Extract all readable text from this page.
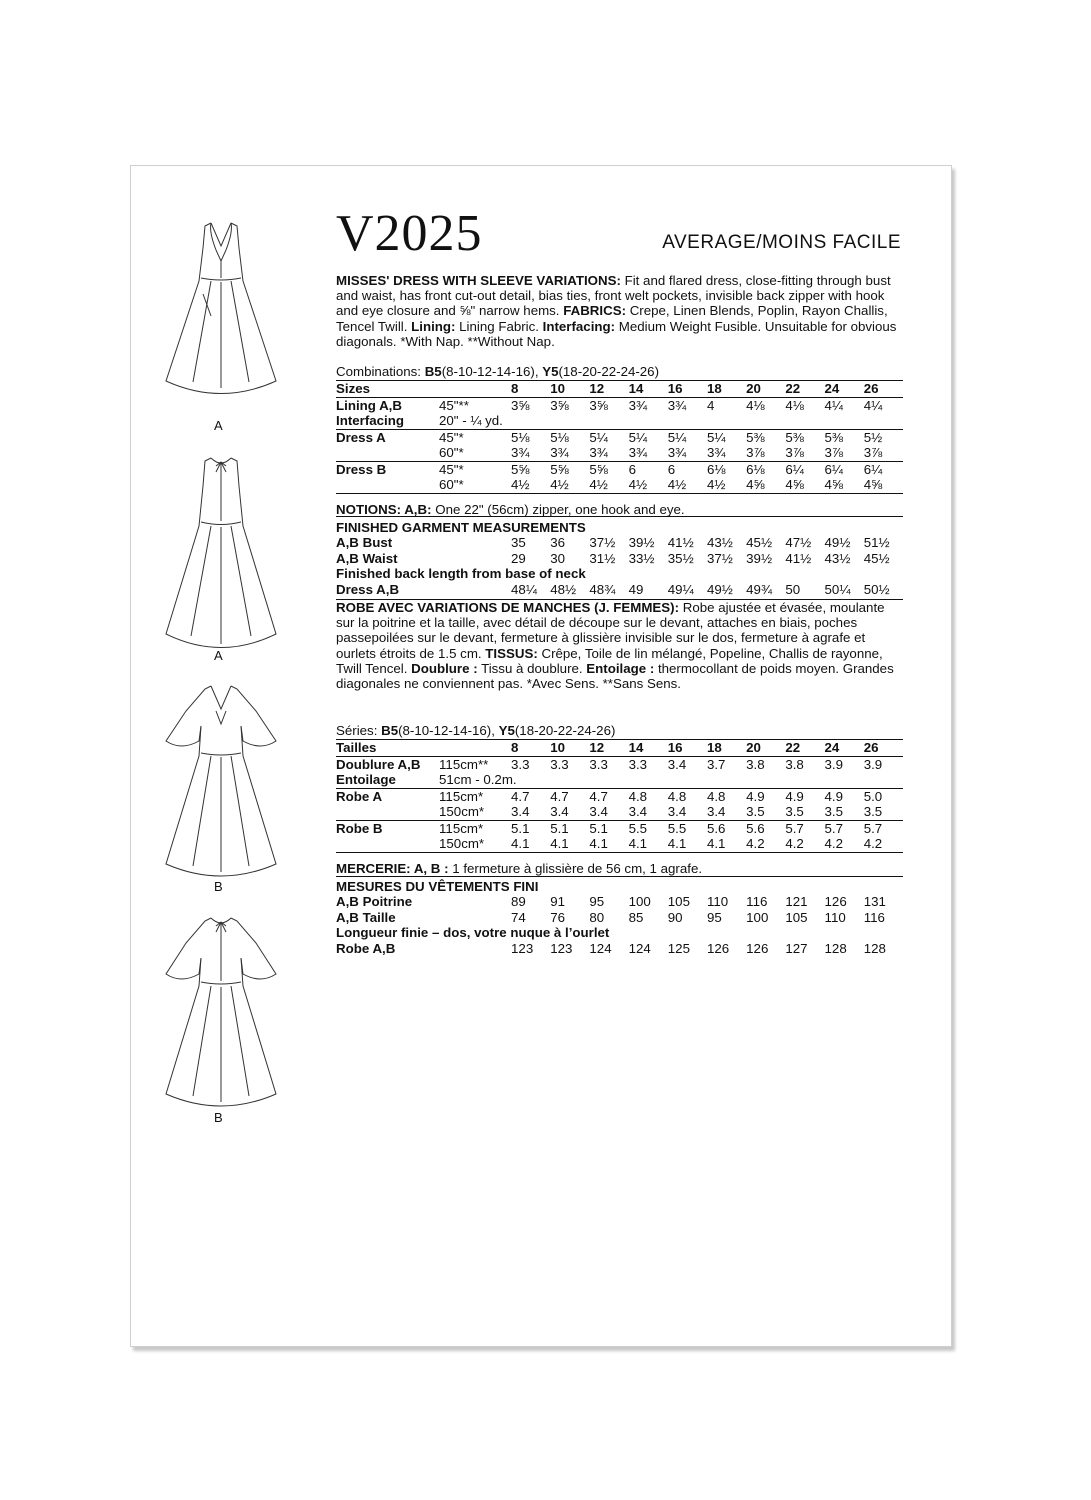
A
A
B
B
V2025	AVERAGE/MOINS FACILE

MISSES' DRESS WITH SLEEVE VARIATIONS: Fit and flared dress, close-fitting through bust and waist, has front cut-out detail, bias ties, front welt pockets, invisible back zipper with hook and eye closure and ⅝" narrow hems. FABRICS: Crepe, Linen Blends, Poplin, Rayon Challis, Tencel Twill. Lining: Lining Fabric. Interfacing: Medium Weight Fusible. Unsuitable for obvious diagonals. *With Nap. **Without Nap.

Combinations: B5(8-10-12-14-16), Y5(18-20-22-24-26)
Sizes		8	10	12	14	16	18	20	22	24	26
Lining A,B	45"**	3⅝	3⅝	3⅝	3¾	3¾	4	4⅛	4⅛	4¼	4¼
Interfacing	20" - ¼ yd.										
Dress A	45"*	5⅛	5⅛	5¼	5¼	5¼	5¼	5⅜	5⅜	5⅜	5½
	60"*	3¾	3¾	3¾	3¾	3¾	3¾	3⅞	3⅞	3⅞	3⅞
Dress B	45"*	5⅝	5⅝	5⅝	6	6	6⅛	6⅛	6¼	6¼	6¼
	60"*	4½	4½	4½	4½	4½	4½	4⅝	4⅝	4⅝	4⅝

NOTIONS: A,B: One 22" (56cm) zipper, one hook and eye.
FINISHED GARMENT MEASUREMENTS										
A,B Bust	35	36	37½	39½	41½	43½	45½	47½	49½	51½
A,B Waist	29	30	31½	33½	35½	37½	39½	41½	43½	45½
Finished back length from base of neck										
Dress A,B	48¼	48½	48¾	49	49¼	49½	49¾	50	50¼	50½

ROBE AVEC VARIATIONS DE MANCHES (J. FEMMES): Robe ajustée et évasée, moulante sur la poitrine et la taille, avec détail de découpe sur le devant, attaches en biais, poches passepoilées sur le devant, fermeture à glissière invisible sur le dos, fermeture à agrafe et ourlets étroits de 1.5 cm. TISSUS: Crêpe, Toile de lin mélangé, Popeline, Challis de rayonne, Twill Tencel. Doublure : Tissu à doublure. Entoilage : thermocollant de poids moyen. Grandes diagonales ne conviennent pas. *Avec Sens. **Sans Sens.

Séries: B5(8-10-12-14-16), Y5(18-20-22-24-26)
Tailles		8	10	12	14	16	18	20	22	24	26
Doublure A,B	115cm**	3.3	3.3	3.3	3.3	3.4	3.7	3.8	3.8	3.9	3.9
Entoilage	51cm - 0.2m.										
Robe A	115cm*	4.7	4.7	4.7	4.8	4.8	4.8	4.9	4.9	4.9	5.0
	150cm*	3.4	3.4	3.4	3.4	3.4	3.4	3.5	3.5	3.5	3.5
Robe B	115cm*	5.1	5.1	5.1	5.5	5.5	5.6	5.6	5.7	5.7	5.7
	150cm*	4.1	4.1	4.1	4.1	4.1	4.1	4.2	4.2	4.2	4.2

MERCERIE: A, B : 1 fermeture à glissière de 56 cm, 1 agrafe.
MESURES DU VÊTEMENTS FINI										
A,B Poitrine	89	91	95	100	105	110	116	121	126	131
A,B Taille	74	76	80	85	90	95	100	105	110	116
Longueur finie – dos, votre nuque à l’ourlet										
Robe A,B	123	123	124	124	125	126	126	127	128	128
